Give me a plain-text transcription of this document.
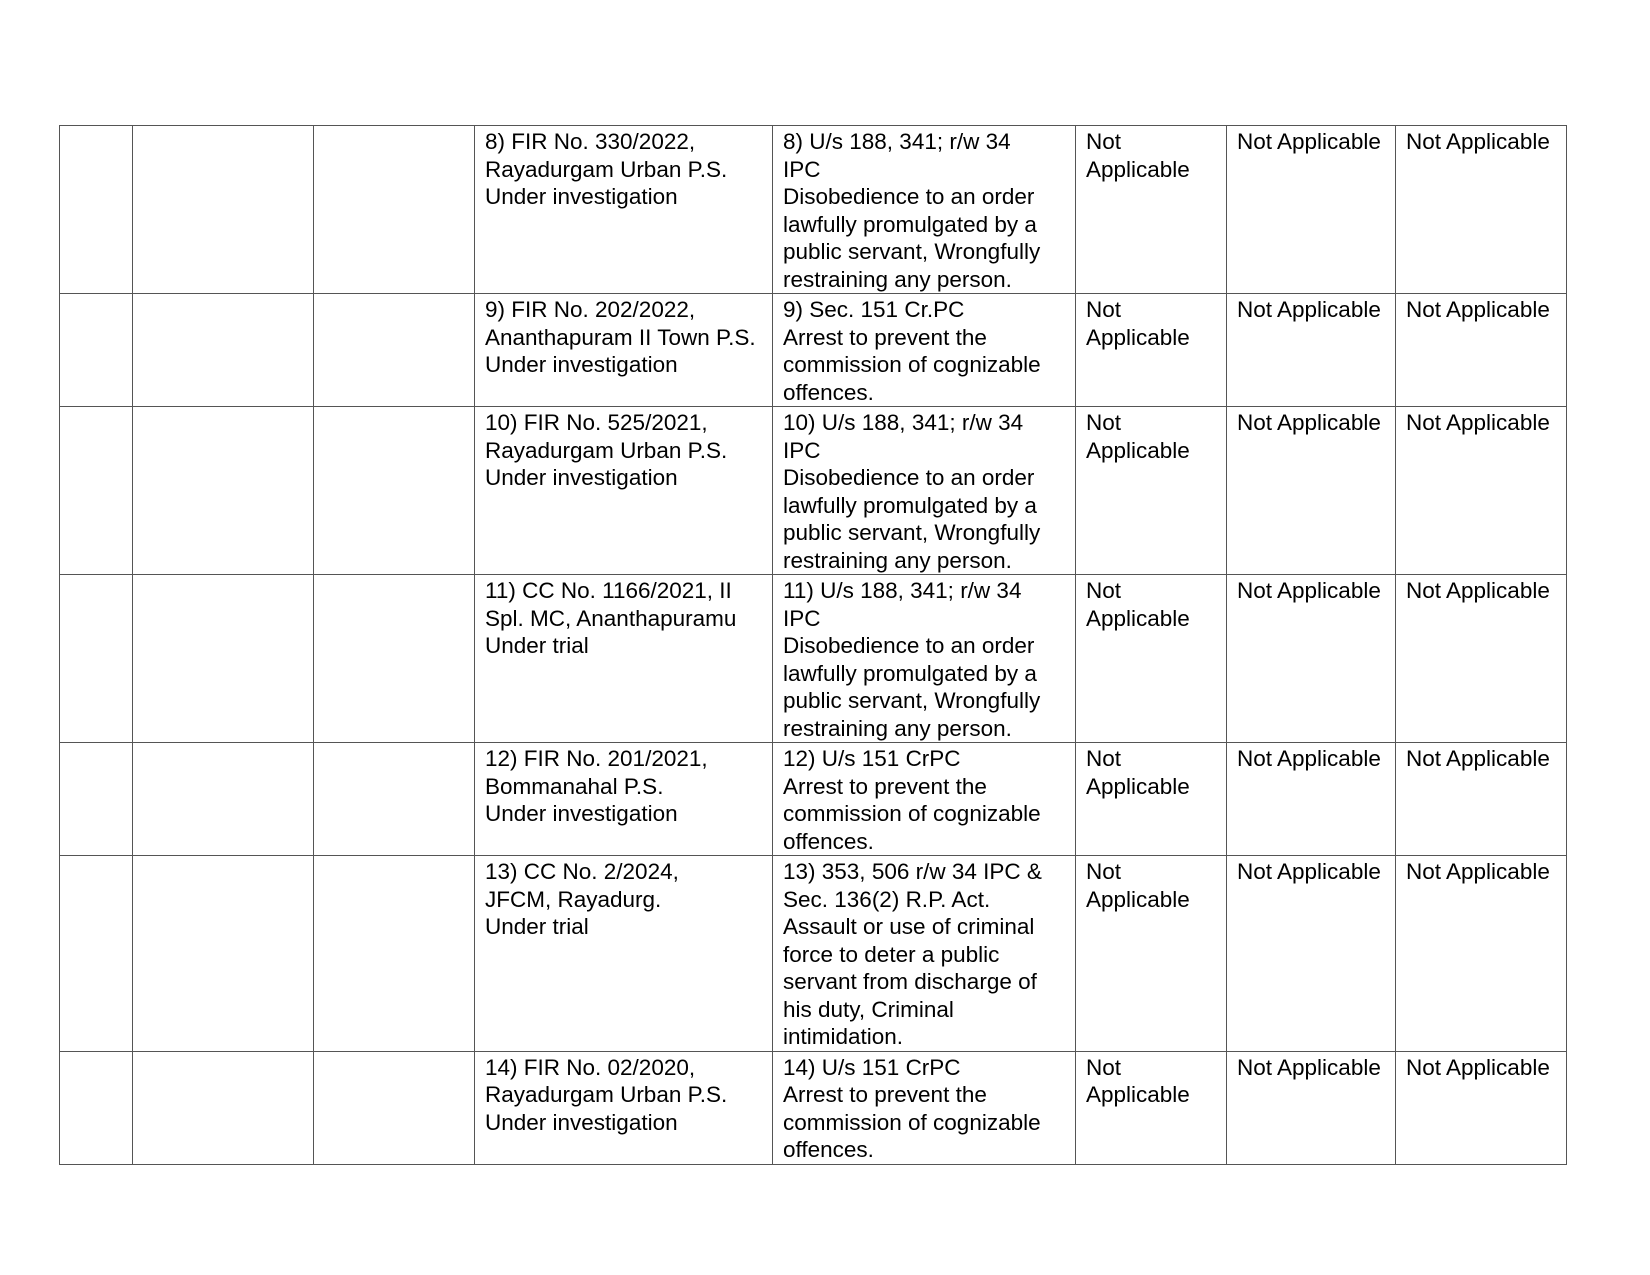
			8) FIR No. 330/2022,
Rayadurgam Urban P.S.
Under investigation	8) U/s 188, 341; r/w 34
IPC
Disobedience to an order lawfully promulgated by a public servant, Wrongfully restraining any person.	Not Applicable	Not Applicable	Not Applicable
			9) FIR No. 202/2022,
Ananthapuram II Town P.S.
Under investigation	9) Sec. 151 Cr.PC
Arrest to prevent the commission of cognizable offences.	Not Applicable	Not Applicable	Not Applicable
			10) FIR No. 525/2021,
Rayadurgam Urban P.S.
Under investigation	10) U/s 188, 341; r/w 34
IPC
Disobedience to an order lawfully promulgated by a public servant, Wrongfully restraining any person.	Not Applicable	Not Applicable	Not Applicable
			11) CC No. 1166/2021, II Spl. MC, Ananthapuramu
Under trial	11) U/s 188, 341; r/w 34
IPC
Disobedience to an order lawfully promulgated by a public servant, Wrongfully restraining any person.	Not Applicable	Not Applicable	Not Applicable
			12) FIR No. 201/2021,
Bommanahal P.S.
Under investigation	12) U/s 151 CrPC
Arrest to prevent the commission of cognizable offences.	Not Applicable	Not Applicable	Not Applicable
			13) CC No. 2/2024,
JFCM, Rayadurg.
Under trial	13) 353, 506 r/w 34 IPC & Sec. 136(2) R.P. Act.
Assault or use of criminal force to deter a public servant from discharge of his duty, Criminal intimidation.	Not Applicable	Not Applicable	Not Applicable
			14) FIR No. 02/2020,
Rayadurgam Urban P.S.
Under investigation	14) U/s 151 CrPC
Arrest to prevent the commission of cognizable offences.	Not Applicable	Not Applicable	Not Applicable
